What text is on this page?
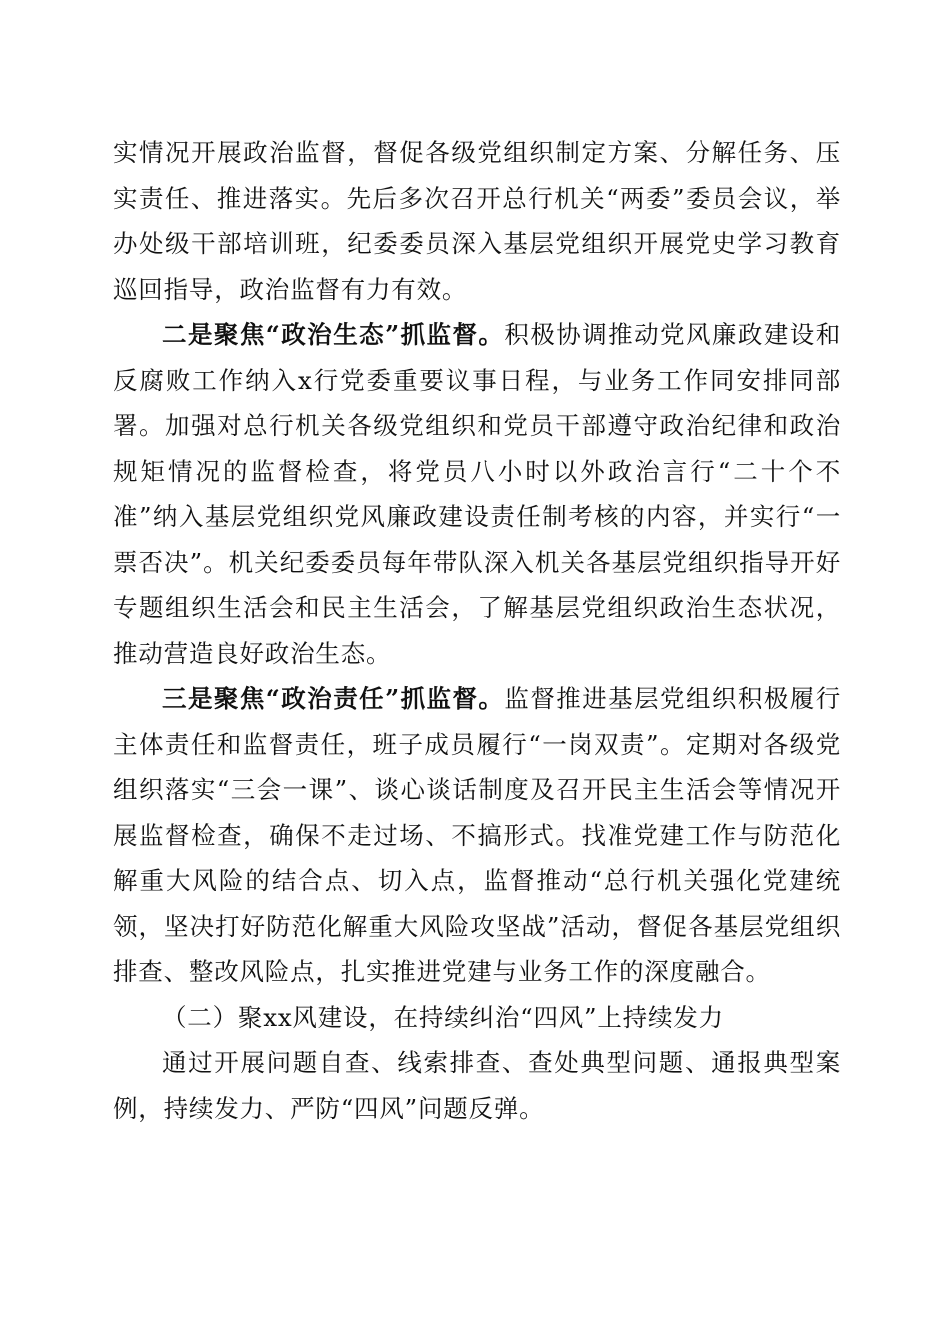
实情况开展政治监督，督促各级党组织制定方案、分解任务、压实责任、推进落实。先后多次召开总行机关“两委”委员会议，举办处级干部培训班，纪委委员深入基层党组织开展党史学习教育巡回指导，政治监督有力有效。

二是聚焦“政治生态”抓监督。积极协调推动党风廉政建设和反腐败工作纳入x行党委重要议事日程，与业务工作同安排同部署。加强对总行机关各级党组织和党员干部遵守政治纪律和政治规矩情况的监督检查，将党员八小时以外政治言行“二十个不准”纳入基层党组织党风廉政建设责任制考核的内容，并实行“一票否决”。机关纪委委员每年带队深入机关各基层党组织指导开好专题组织生活会和民主生活会，了解基层党组织政治生态状况，推动营造良好政治生态。

三是聚焦“政治责任”抓监督。监督推进基层党组织积极履行主体责任和监督责任，班子成员履行“一岗双责”。定期对各级党组织落实“三会一课”、谈心谈话制度及召开民主生活会等情况开展监督检查，确保不走过场、不搞形式。找准党建工作与防范化解重大风险的结合点、切入点，监督推动“总行机关强化党建统领，坚决打好防范化解重大风险攻坚战”活动，督促各基层党组织排查、整改风险点，扎实推进党建与业务工作的深度融合。

（二）聚xx风建设，在持续纠治“四风”上持续发力

通过开展问题自查、线索排查、查处典型问题、通报典型案例，持续发力、严防“四风”问题反弹。
